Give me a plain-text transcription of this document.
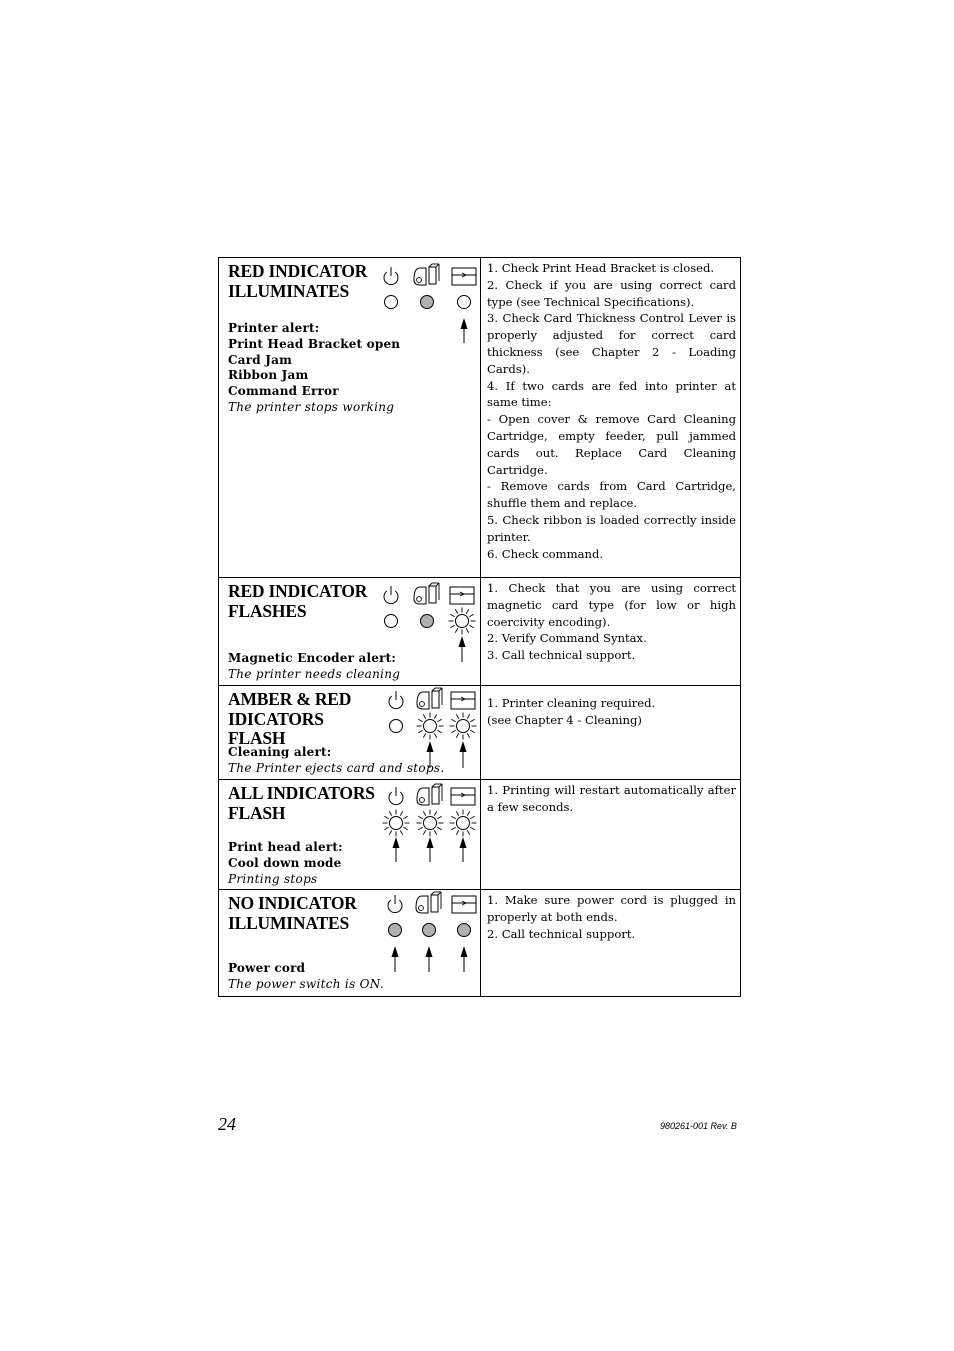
RED INDICATOR
ILLUMINATES
Printer alert:
Print Head Bracket open
Card Jam
Ribbon Jam
Command Error
The printer stops working

1. Check Print Head Bracket is closed.

2. Check if you are using correct card type (see Technical Specifications).

3. Check Card Thickness Control Lever is properly adjusted for correct card thickness (see Chapter 2 - Loading Cards).

4. If two cards are fed into printer at same time:

- Open cover & remove Card Cleaning Cartridge, empty feeder, pull jammed cards out. Replace Card Cleaning Cartridge.

- Remove cards from Card Cartridge, shuffle them and replace.

5. Check ribbon is loaded correctly inside printer.

6. Check command.

RED INDICATOR
FLASHES
Magnetic Encoder alert:
The printer needs cleaning

1. Check that you are using correct magnetic card type (for low or high coercivity encoding).

2. Verify Command Syntax.

3. Call technical support.

AMBER & RED
IDICATORS
FLASH
Cleaning alert:
The Printer ejects card and stops.

1. Printer cleaning required.

(see Chapter 4 - Cleaning)

ALL INDICATORS
FLASH
Print head alert:
Cool down mode
Printing stops

1. Printing will restart automatically after a few seconds.

NO INDICATOR
ILLUMINATES
Power cord
The power switch is ON.

1. Make sure power cord is plugged in properly at both ends.

2. Call technical support.

24	980261-001 Rev. B
